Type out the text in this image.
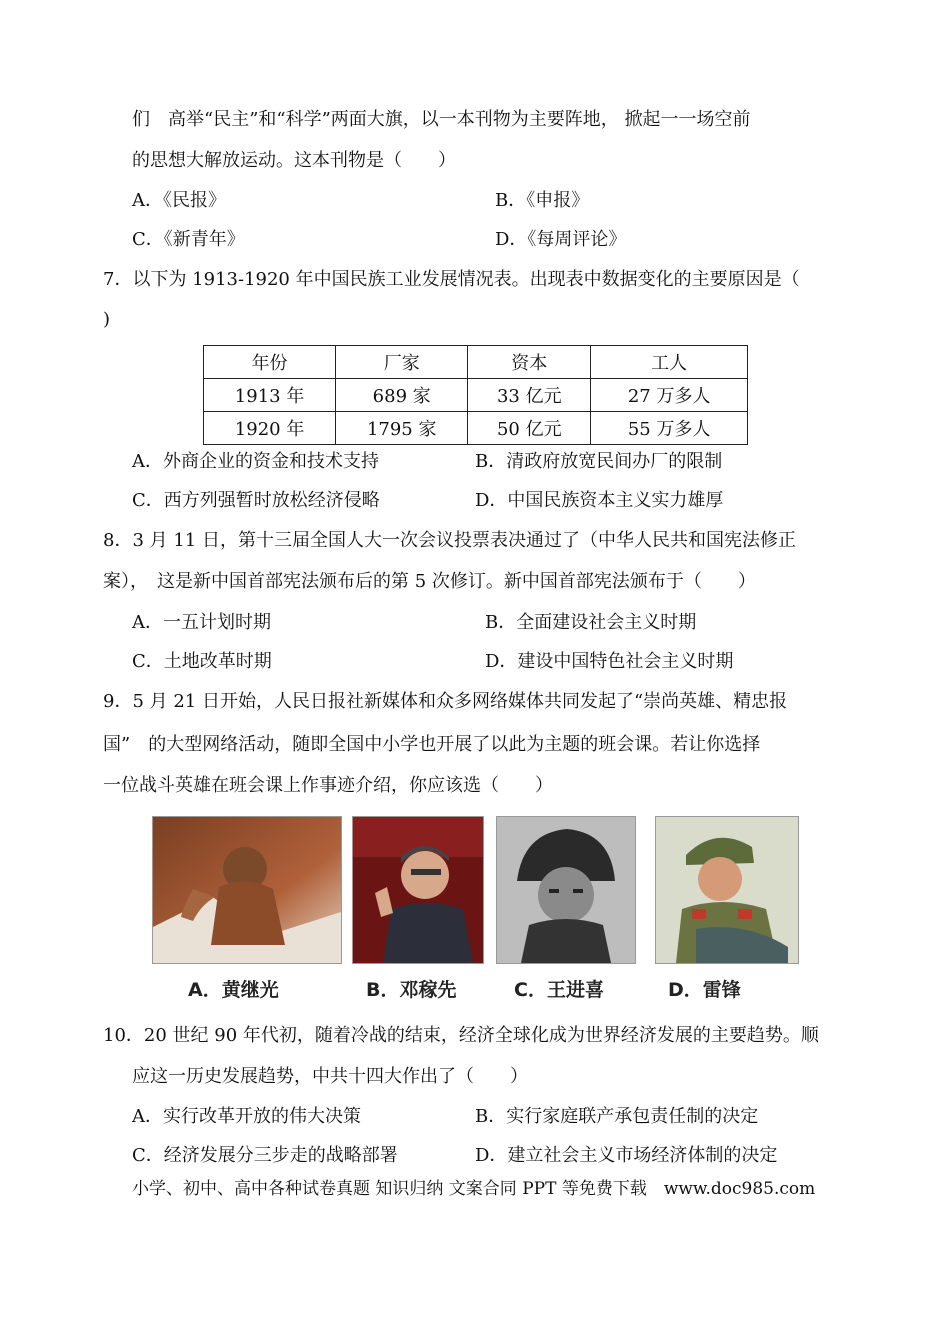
们　高举“民主”和“科学”两面大旗，以一本刊物为主要阵地， 掀起一一场空前
的思想大解放运动。这本刊物是（　　）
A．《民报》	B．《申报》
C．《新青年》	D．《每周评论》
7．以下为 1913-1920 年中国民族工业发展情况表。出现表中数据变化的主要原因是（
)
年份	厂家	资本	工人
1913 年	689 家	33 亿元	27 万多人
1920 年	1795 家	50 亿元	55 万多人
A．外商企业的资金和技术支持	B．清政府放宽民间办厂的限制
C．西方列强暂时放松经济侵略	D．中国民族资本主义实力雄厚
8．3 月 11 日，第十三届全国人大一次会议投票表决通过了（中华人民共和国宪法修正
案），　这是新中国首部宪法颁布后的第 5 次修订。新中国首部宪法颁布于（　　）
A．一五计划时期	B．全面建设社会主义时期
C．土地改革时期	D．建设中国特色社会主义时期
9．5 月 21 日开始，人民日报社新媒体和众多网络媒体共同发起了“崇尚英雄、精忠报
国”　的大型网络活动，随即全国中小学也开展了以此为主题的班会课。若让你选择
一位战斗英雄在班会课上作事迹介绍，你应该选（　　）
A．黄继光	B．邓稼先	C．王进喜	D．雷锋
10．20 世纪 90 年代初，随着冷战的结束，经济全球化成为世界经济发展的主要趋势。顺
应这一历史发展趋势，中共十四大作出了（　　）
A．实行改革开放的伟大决策	B．实行家庭联产承包责任制的决定
C．经济发展分三步走的战略部署	D．建立社会主义市场经济体制的决定
小学、初中、高中各种试卷真题 知识归纳 文案合同 PPT 等免费下载　www.doc985.com
